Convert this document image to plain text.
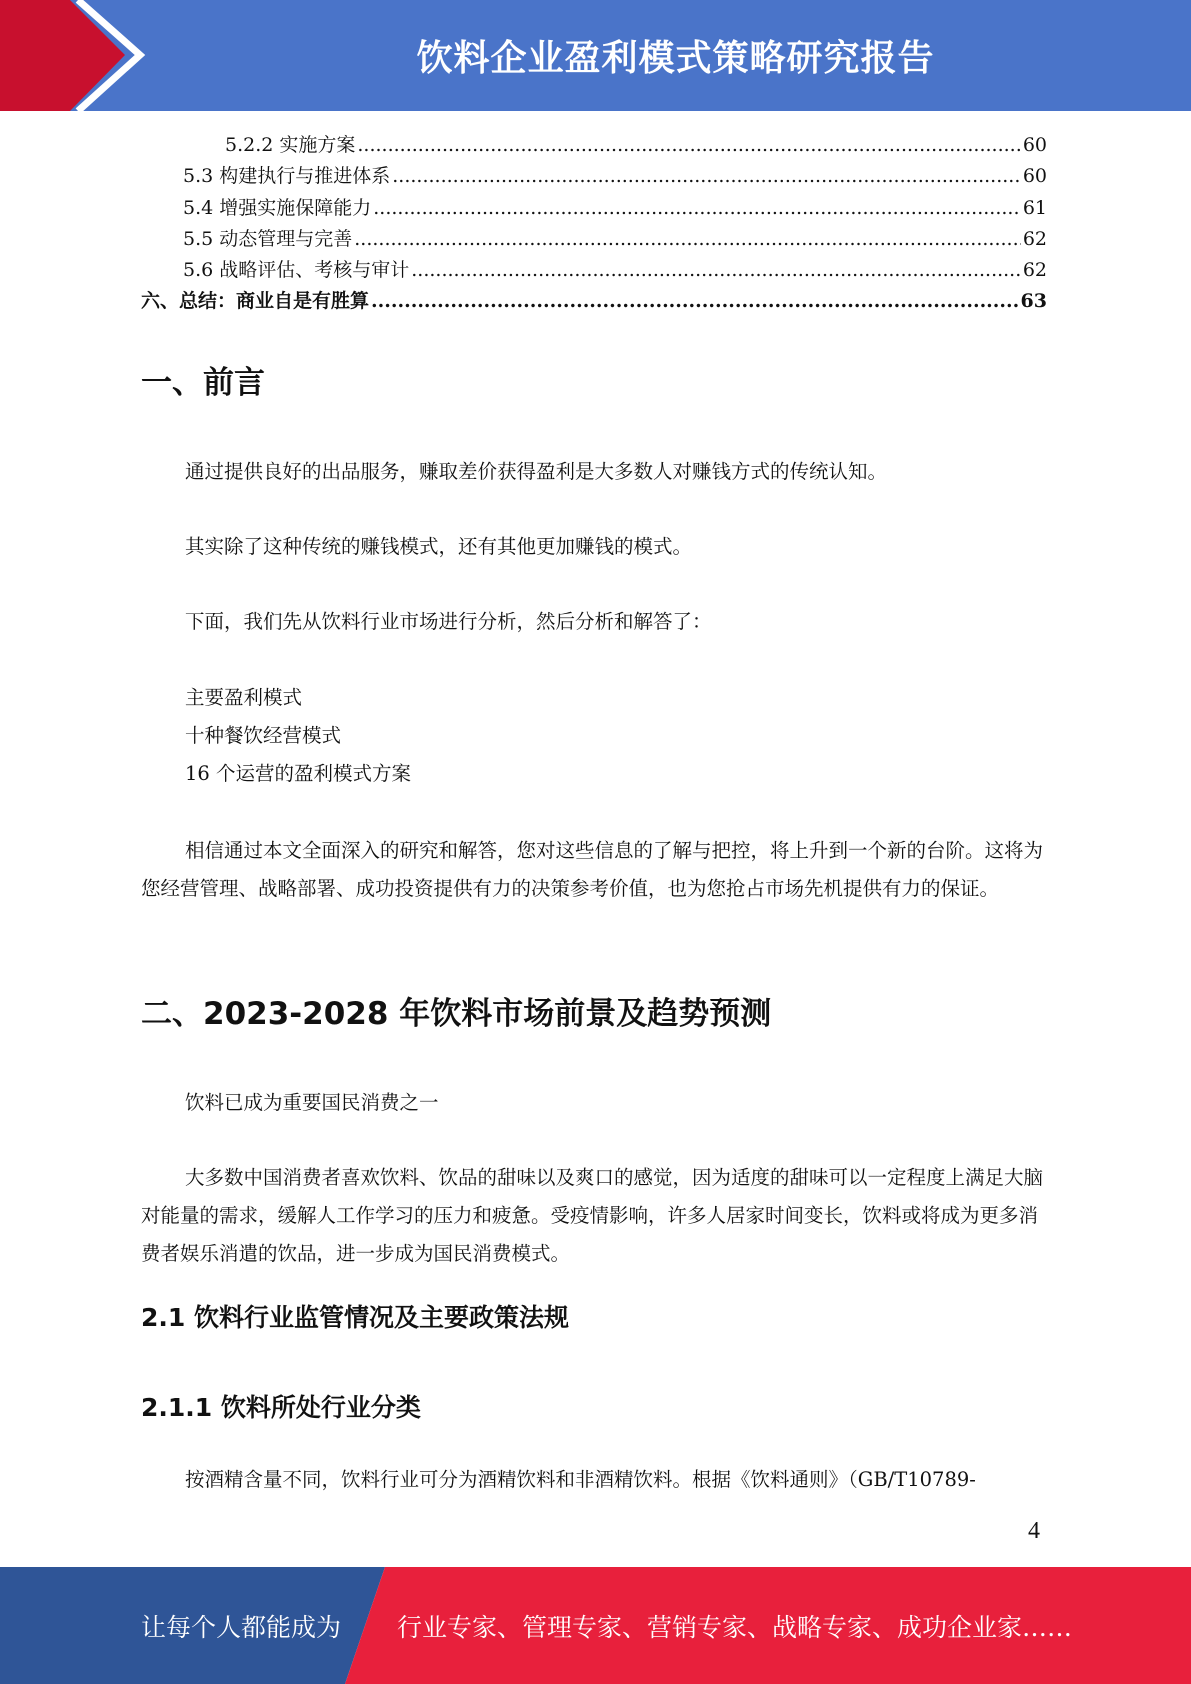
饮料企业盈利模式策略研究报告
5.2.2 实施方案 .....	60
5.3 构建执行与推进体系 .....	60
5.4 增强实施保障能力 .....	61
5.5 动态管理与完善 .....	62
5.6 战略评估、考核与审计 .....	62
六、总结：商业自是有胜算 .....	63
一、前言
通过提供良好的出品服务，赚取差价获得盈利是大多数人对赚钱方式的传统认知。
其实除了这种传统的赚钱模式，还有其他更加赚钱的模式。
下面，我们先从饮料行业市场进行分析，然后分析和解答了：
主要盈利模式
十种餐饮经营模式
16 个运营的盈利模式方案
相信通过本文全面深入的研究和解答，您对这些信息的了解与把控，将上升到一个新的台阶。这将为您经营管理、战略部署、成功投资提供有力的决策参考价值，也为您抢占市场先机提供有力的保证。
二、2023-2028 年饮料市场前景及趋势预测
饮料已成为重要国民消费之一
大多数中国消费者喜欢饮料、饮品的甜味以及爽口的感觉，因为适度的甜味可以一定程度上满足大脑对能量的需求，缓解人工作学习的压力和疲惫。受疫情影响，许多人居家时间变长，饮料或将成为更多消费者娱乐消遣的饮品，进一步成为国民消费模式。
2.1 饮料行业监管情况及主要政策法规
2.1.1 饮料所处行业分类
按酒精含量不同，饮料行业可分为酒精饮料和非酒精饮料。根据《饮料通则》（GB/T10789-
4
让每个人都能成为 行业专家、管理专家、营销专家、战略专家、成功企业家……
